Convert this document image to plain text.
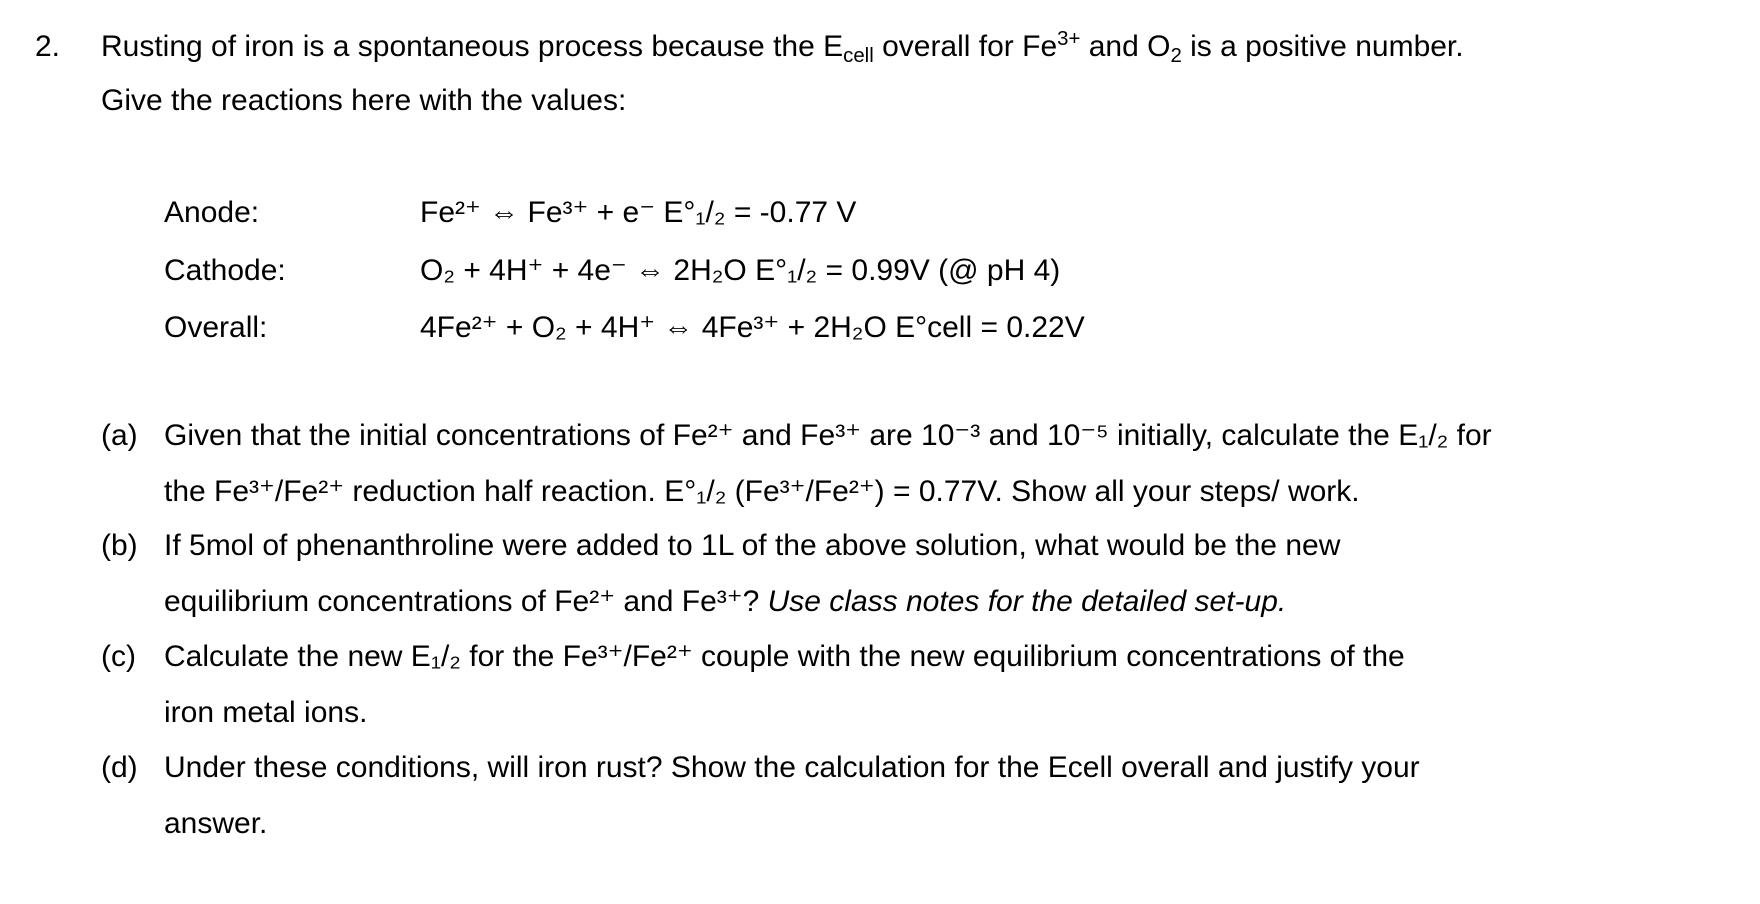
2. Rusting of iron is a spontaneous process because the $E_{cell}$ overall for $Fe^{3+}$ and $O_2$ is a positive number.
Give the reactions here with the values:
Anode:	Fe²⁺ ⇔ Fe³⁺ + e⁻ E°₁/₂ = -0.77 V
Cathode:	O₂ + 4H⁺ + 4e⁻ ⇔ 2H₂O E°₁/₂ = 0.99V (@ pH 4)
Overall:	4Fe²⁺ + O₂ + 4H⁺ ⇔ 4Fe³⁺ + 2H₂O E°cell = 0.22V
(a) Given that the initial concentrations of Fe²⁺ and Fe³⁺ are 10⁻³ and 10⁻⁵ initially, calculate the E₁/₂ for
the Fe³⁺/Fe²⁺ reduction half reaction. E°₁/₂ (Fe³⁺/Fe²⁺) = 0.77V. Show all your steps/ work.
(b) If 5mol of phenanthroline were added to 1L of the above solution, what would be the new
equilibrium concentrations of Fe²⁺ and Fe³⁺? Use class notes for the detailed set-up.
(c) Calculate the new E₁/₂ for the Fe³⁺/Fe²⁺ couple with the new equilibrium concentrations of the
iron metal ions.
(d) Under these conditions, will iron rust? Show the calculation for the Ecell overall and justify your
answer.
